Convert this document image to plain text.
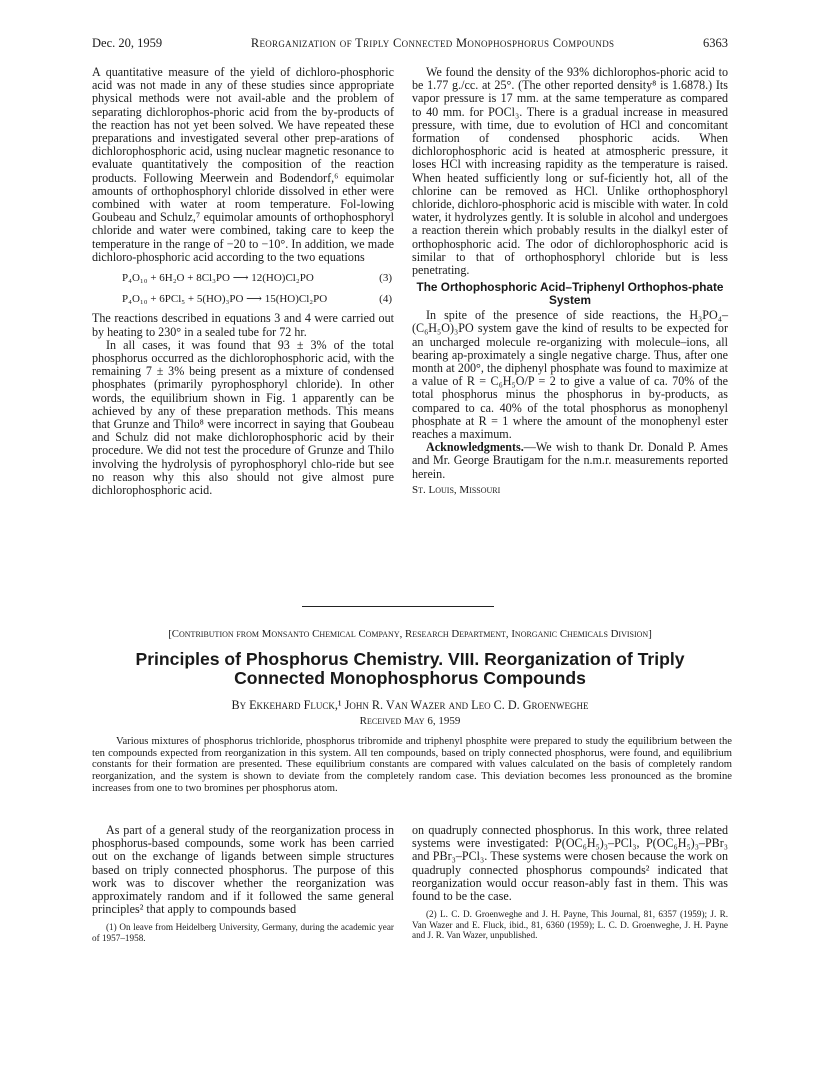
Dec. 20, 1959	Reorganization of Triply Connected Monophosphorus Compounds	6363

A quantitative measure of the yield of dichloro-phosphoric acid was not made in any of these studies since appropriate physical methods were not avail-able and the problem of separating dichlorophos-phoric acid from the by-products of the reaction has not yet been solved. We have repeated these preparations and investigated several other prep-arations of dichlorophosphoric acid, using nuclear magnetic resonance to evaluate quantitatively the composition of the reaction products. Following Meerwein and Bodendorf,⁶ equimolar amounts of orthophosphoryl chloride dissolved in ether were combined with water at room temperature. Fol-lowing Goubeau and Schulz,⁷ equimolar amounts of orthophosphoryl chloride and water were combined, taking care to keep the temperature in the range of −20 to −10°. In addition, we made dichloro-phosphoric acid according to the two equations

P₄O₁₀ + 6H₂O + 8Cl₃PO ⟶ 12(HO)Cl₂PO	(3)
P₄O₁₀ + 6PCl₅ + 5(HO)₃PO ⟶ 15(HO)Cl₂PO	(4)

The reactions described in equations 3 and 4 were carried out by heating to 230° in a sealed tube for 72 hr.

In all cases, it was found that 93 ± 3% of the total phosphorus occurred as the dichlorophosphoric acid, with the remaining 7 ± 3% being present as a mixture of condensed phosphates (primarily pyrophosphoryl chloride). In other words, the equilibrium shown in Fig. 1 apparently can be achieved by any of these preparation methods. This means that Grunze and Thilo⁸ were incorrect in saying that Goubeau and Schulz did not make dichlorophosphoric acid by their procedure. We did not test the procedure of Grunze and Thilo involving the hydrolysis of pyrophosphoryl chlo-ride but see no reason why this also should not give almost pure dichlorophosphoric acid.

We found the density of the 93% dichlorophos-phoric acid to be 1.77 g./cc. at 25°. (The other reported density⁸ is 1.6878.) Its vapor pressure is 17 mm. at the same temperature as compared to 40 mm. for POCl₃. There is a gradual increase in measured pressure, with time, due to evolution of HCl and concomitant formation of condensed phosphoric acids. When dichlorophosphoric acid is heated at atmospheric pressure, it loses HCl with increasing rapidity as the temperature is raised. When heated sufficiently long or suf-ficiently hot, all of the chlorine can be removed as HCl. Unlike orthophosphoryl chloride, dichloro-phosphoric acid is miscible with water. In cold water, it hydrolyzes gently. It is soluble in alcohol and undergoes a reaction therein which probably results in the dialkyl ester of orthophosphoric acid. The odor of dichlorophosphoric acid is similar to that of orthophosphoryl chloride but is less penetrating.

The Orthophosphoric Acid–Triphenyl Orthophos-phate System

In spite of the presence of side reactions, the H₃PO₄–(C₆H₅O)₃PO system gave the kind of results to be expected for an uncharged molecule re-organizing with molecule–ions, all bearing ap-proximately a single negative charge. Thus, after one month at 200°, the diphenyl phosphate was found to maximize at a value of R = C₆H₅O/P = 2 to give a value of ca. 70% of the total phosphorus minus the phosphorus in by-products, as compared to ca. 40% of the total phosphorus as monophenyl phosphate at R = 1 where the amount of the monophenyl ester reaches a maximum.

Acknowledgments.—We wish to thank Dr. Donald P. Ames and Mr. George Brautigam for the n.m.r. measurements reported herein.

St. Louis, Missouri

[Contribution from Monsanto Chemical Company, Research Department, Inorganic Chemicals Division]
Principles of Phosphorus Chemistry. VIII. Reorganization of Triply Connected Monophosphorus Compounds
By Ekkehard Fluck,¹ John R. Van Wazer and Leo C. D. Groenweghe
Received May 6, 1959

Various mixtures of phosphorus trichloride, phosphorus tribromide and triphenyl phosphite were prepared to study the equilibrium between the ten compounds expected from reorganization in this system. All ten compounds, based on triply connected phosphorus, were found, and equilibrium constants for their formation are presented. These equilibrium constants are compared with values calculated on the basis of completely random reorganization, and the system is shown to deviate from the completely random case. This deviation becomes less pronounced as the bromine increases from one to two bromines per phosphorus atom.

As part of a general study of the reorganization process in phosphorus-based compounds, some work has been carried out on the exchange of ligands between simple structures based on triply connected phosphorus. The purpose of this work was to discover whether the reorganization was approximately random and if it followed the same general principles² that apply to compounds based

(1) On leave from Heidelberg University, Germany, during the academic year of 1957–1958.

on quadruply connected phosphorus. In this work, three related systems were investigated: P(OC₆H₅)₃–PCl₃, P(OC₆H₅)₃–PBr₃ and PBr₃–PCl₃. These systems were chosen because the work on quadruply connected phosphorus compounds² indicated that reorganization would occur reason-ably fast in them. This was found to be the case.

(2) L. C. D. Groenweghe and J. H. Payne, This Journal, 81, 6357 (1959); J. R. Van Wazer and E. Fluck, ibid., 81, 6360 (1959); L. C. D. Groenweghe, J. H. Payne and J. R. Van Wazer, unpublished.
